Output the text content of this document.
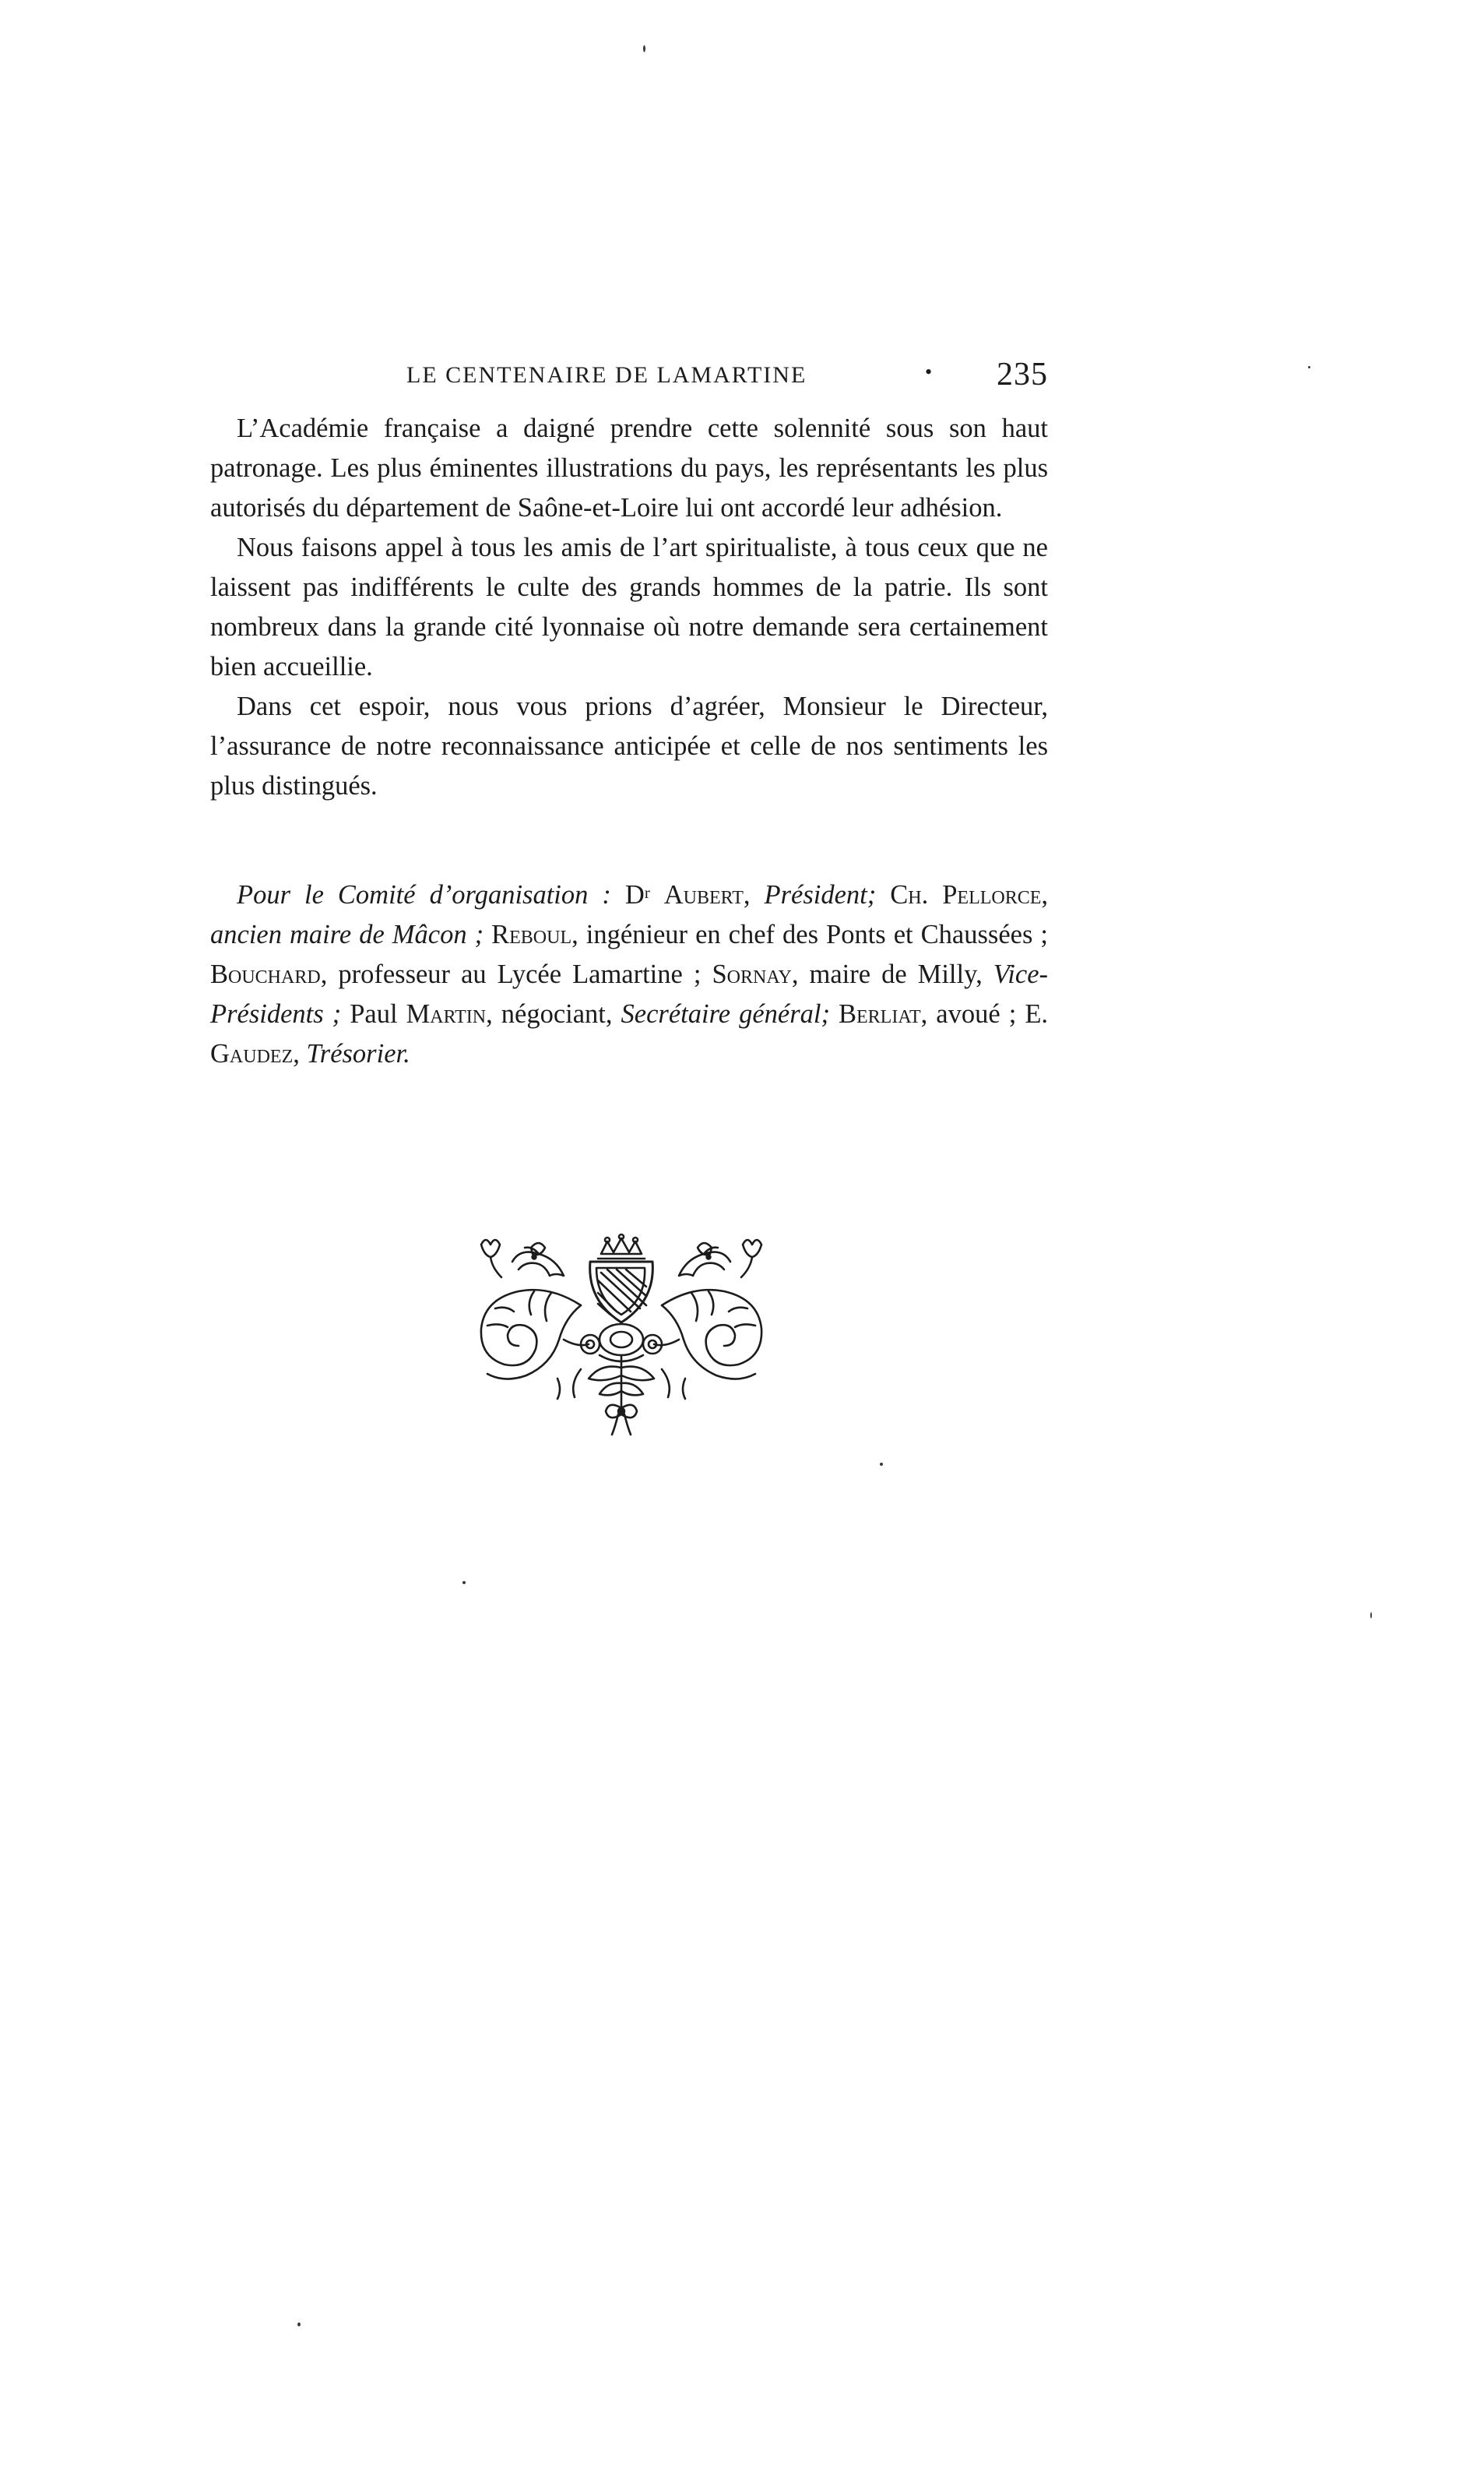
LE CENTENAIRE DE LAMARTINE	• 235

L’Académie française a daigné prendre cette solennité sous son haut patronage. Les plus éminentes illustrations du pays, les représentants les plus autorisés du département de Saône-et-Loire lui ont accordé leur adhésion.

Nous faisons appel à tous les amis de l’art spiritualiste, à tous ceux que ne laissent pas indifférents le culte des grands hommes de la patrie. Ils sont nombreux dans la grande cité lyonnaise où notre demande sera certainement bien accueillie.

Dans cet espoir, nous vous prions d’agréer, Monsieur le Directeur, l’assurance de notre reconnaissance anticipée et celle de nos sentiments les plus distingués.

Pour le Comité d’organisation : $D^r$ Aubert, Président; Ch. Pellorce, ancien maire de Mâcon ; Reboul, ingénieur en chef des Ponts et Chaussées ; Bouchard, professeur au Lycée Lamartine ; Sornay, maire de Milly, Vice-Présidents ; Paul Martin, négociant, Secrétaire général; Berliat, avoué ; E. Gaudez, Trésorier.
